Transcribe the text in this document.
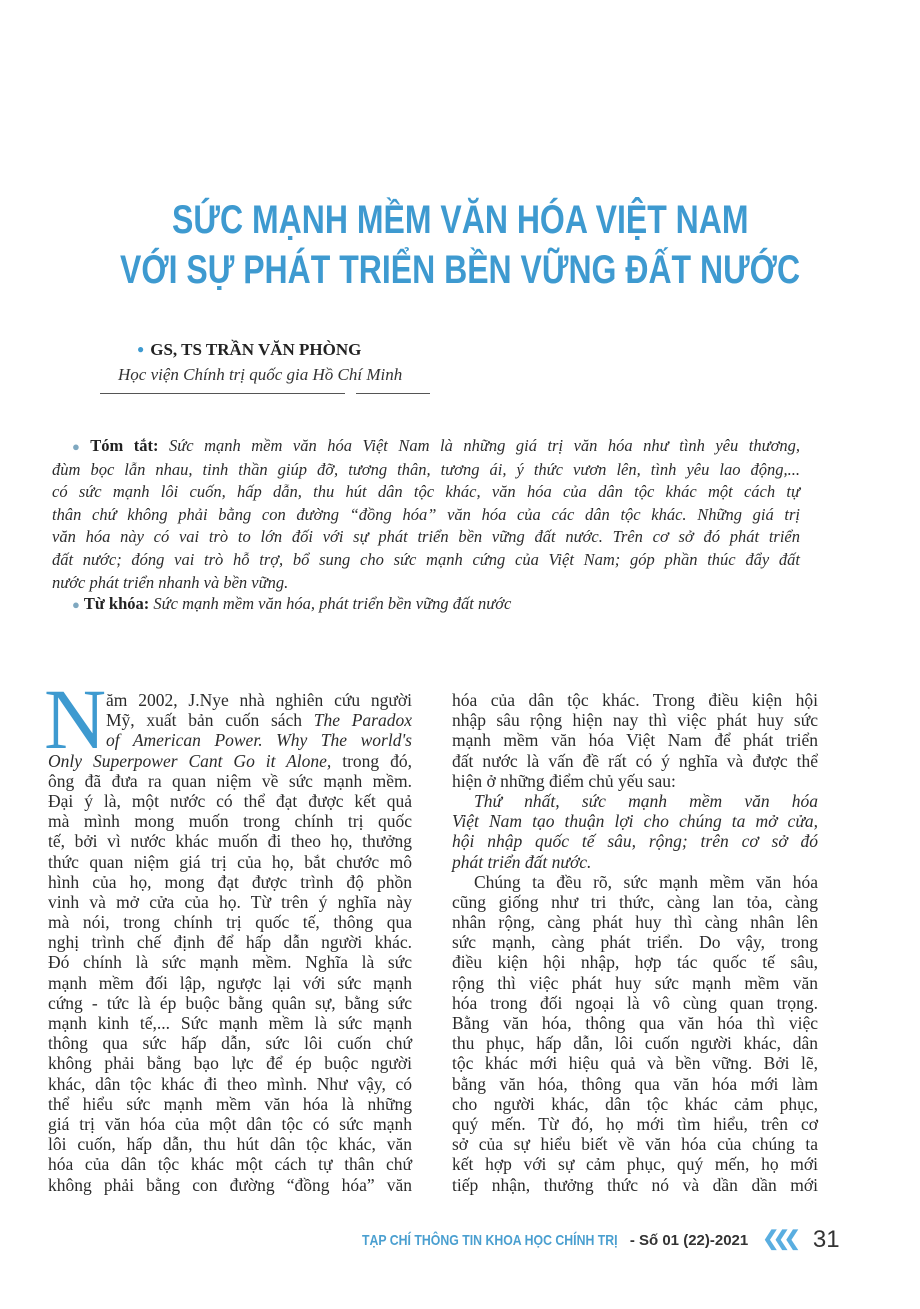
SỨC MẠNH MỀM VĂN HÓA VIỆT NAM
VỚI SỰ PHÁT TRIỂN BỀN VỮNG ĐẤT NƯỚC
● GS, TS TRẦN VĂN PHÒNG
Học viện Chính trị quốc gia Hồ Chí Minh
● Tóm tắt: Sức mạnh mềm văn hóa Việt Nam là những giá trị văn hóa như tình yêu thương,
đùm bọc lẫn nhau, tinh thần giúp đỡ, tương thân, tương ái, ý thức vươn lên, tình yêu lao động,...
có sức mạnh lôi cuốn, hấp dẫn, thu hút dân tộc khác, văn hóa của dân tộc khác một cách tự
thân chứ không phải bằng con đường “đồng hóa” văn hóa của các dân tộc khác. Những giá trị
văn hóa này có vai trò to lớn đối với sự phát triển bền vững đất nước. Trên cơ sở đó phát triển
đất nước; đóng vai trò hỗ trợ, bổ sung cho sức mạnh cứng của Việt Nam; góp phần thúc đẩy đất
nước phát triển nhanh và bền vững.
● Từ khóa: Sức mạnh mềm văn hóa, phát triển bền vững đất nước
N ăm 2002, J.Nye nhà nghiên cứu người
Mỹ, xuất bản cuốn sách The Paradox
of American Power. Why The world's
Only Superpower Cant Go it Alone, trong đó,
ông đã đưa ra quan niệm về sức mạnh mềm.
Đại ý là, một nước có thể đạt được kết quả
mà mình mong muốn trong chính trị quốc
tế, bởi vì nước khác muốn đi theo họ, thưởng
thức quan niệm giá trị của họ, bắt chước mô
hình của họ, mong đạt được trình độ phồn
vinh và mở cửa của họ. Từ trên ý nghĩa này
mà nói, trong chính trị quốc tế, thông qua
nghị trình chế định để hấp dẫn người khác.
Đó chính là sức mạnh mềm. Nghĩa là sức
mạnh mềm đối lập, ngược lại với sức mạnh
cứng - tức là ép buộc bằng quân sự, bằng sức
mạnh kinh tế,... Sức mạnh mềm là sức mạnh
thông qua sức hấp dẫn, sức lôi cuốn chứ
không phải bằng bạo lực để ép buộc người
khác, dân tộc khác đi theo mình. Như vậy, có
thể hiểu sức mạnh mềm văn hóa là những
giá trị văn hóa của một dân tộc có sức mạnh
lôi cuốn, hấp dẫn, thu hút dân tộc khác, văn
hóa của dân tộc khác một cách tự thân chứ
không phải bằng con đường “đồng hóa” văn
hóa của dân tộc khác. Trong điều kiện hội
nhập sâu rộng hiện nay thì việc phát huy sức
mạnh mềm văn hóa Việt Nam để phát triển
đất nước là vấn đề rất có ý nghĩa và được thể
hiện ở những điểm chủ yếu sau:
Thứ nhất, sức mạnh mềm văn hóa
Việt Nam tạo thuận lợi cho chúng ta mở cửa,
hội nhập quốc tế sâu, rộng; trên cơ sở đó
phát triển đất nước.
Chúng ta đều rõ, sức mạnh mềm văn hóa
cũng giống như tri thức, càng lan tỏa, càng
nhân rộng, càng phát huy thì càng nhân lên
sức mạnh, càng phát triển. Do vậy, trong
điều kiện hội nhập, hợp tác quốc tế sâu,
rộng thì việc phát huy sức mạnh mềm văn
hóa trong đối ngoại là vô cùng quan trọng.
Bằng văn hóa, thông qua văn hóa thì việc
thu phục, hấp dẫn, lôi cuốn người khác, dân
tộc khác mới hiệu quả và bền vững. Bởi lẽ,
bằng văn hóa, thông qua văn hóa mới làm
cho người khác, dân tộc khác cảm phục,
quý mến. Từ đó, họ mới tìm hiểu, trên cơ
sở của sự hiểu biết về văn hóa của chúng ta
kết hợp với sự cảm phục, quý mến, họ mới
tiếp nhận, thưởng thức nó và dần dần mới
TẠP CHÍ THÔNG TIN KHOA HỌC CHÍNH TRỊ - Số 01 (22)-2021 ❮❮❮ 31
